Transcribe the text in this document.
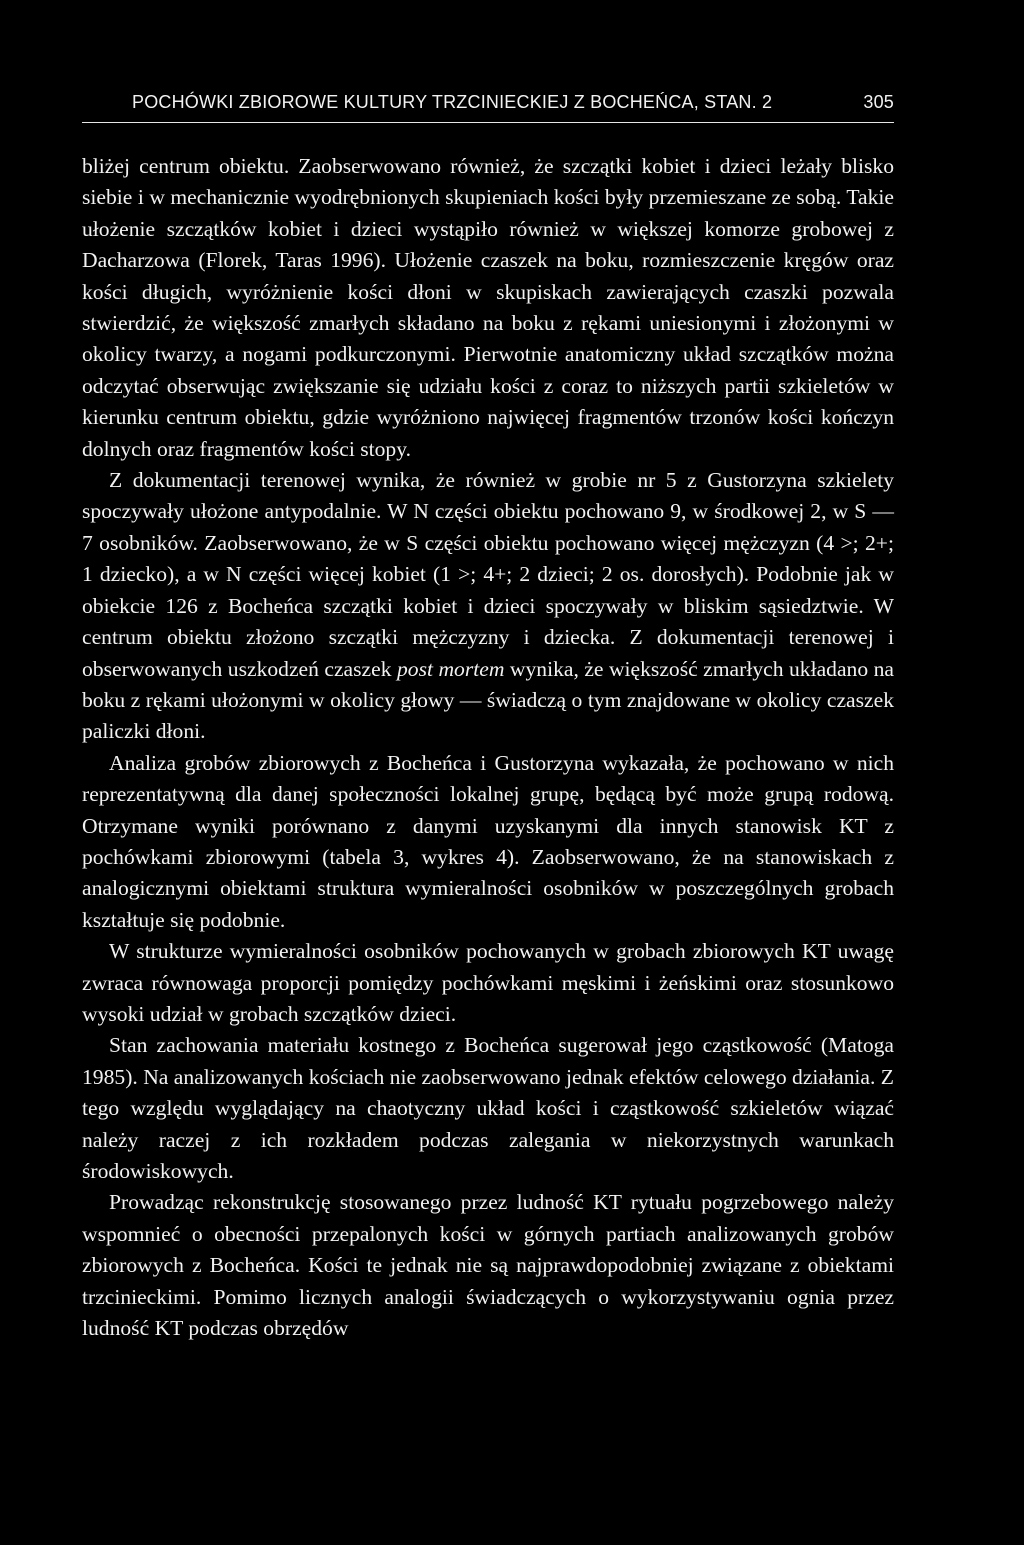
POCHÓWKI ZBIOROWE KULTURY TRZCINIECKIEJ Z BOCHEŃCA, STAN. 2	305

bliżej centrum obiektu. Zaobserwowano również, że szczątki kobiet i dzieci leżały blisko siebie i w mechanicznie wyodrębnionych skupieniach kości były przemieszane ze sobą. Takie ułożenie szczątków kobiet i dzieci wystąpiło również w większej komorze grobowej z Dacharzowa (Florek, Taras 1996). Ułożenie czaszek na boku, rozmieszczenie kręgów oraz kości długich, wyróżnienie kości dłoni w skupiskach zawierających czaszki pozwala stwierdzić, że większość zmarłych składano na boku z rękami uniesionymi i złożonymi w okolicy twarzy, a nogami podkurczonymi. Pierwotnie anatomiczny układ szczątków można odczytać obserwując zwiększanie się udziału kości z coraz to niższych partii szkieletów w kierunku centrum obiektu, gdzie wyróżniono najwięcej fragmentów trzonów kości kończyn dolnych oraz fragmentów kości stopy.

Z dokumentacji terenowej wynika, że również w grobie nr 5 z Gustorzyna szkielety spoczywały ułożone antypodalnie. W N części obiektu pochowano 9, w środkowej 2, w S — 7 osobników. Zaobserwowano, że w S części obiektu pochowano więcej mężczyzn (4 >; 2+; 1 dziecko), a w N części więcej kobiet (1 >; 4+; 2 dzieci; 2 os. dorosłych). Podobnie jak w obiekcie 126 z Bocheńca szczątki kobiet i dzieci spoczywały w bliskim sąsiedztwie. W centrum obiektu złożono szczątki mężczyzny i dziecka. Z dokumentacji terenowej i obserwowanych uszkodzeń czaszek post mortem wynika, że większość zmarłych układano na boku z rękami ułożonymi w okolicy głowy — świadczą o tym znajdowane w okolicy czaszek paliczki dłoni.

Analiza grobów zbiorowych z Bocheńca i Gustorzyna wykazała, że pochowano w nich reprezentatywną dla danej społeczności lokalnej grupę, będącą być może grupą rodową. Otrzymane wyniki porównano z danymi uzyskanymi dla innych stanowisk KT z pochówkami zbiorowymi (tabela 3, wykres 4). Zaobserwowano, że na stanowiskach z analogicznymi obiektami struktura wymieralności osobników w poszczególnych grobach kształtuje się podobnie.

W strukturze wymieralności osobników pochowanych w grobach zbiorowych KT uwagę zwraca równowaga proporcji pomiędzy pochówkami męskimi i żeńskimi oraz stosunkowo wysoki udział w grobach szczątków dzieci.

Stan zachowania materiału kostnego z Bocheńca sugerował jego cząstkowość (Matoga 1985). Na analizowanych kościach nie zaobserwowano jednak efektów celowego działania. Z tego względu wyglądający na chaotyczny układ kości i cząstkowość szkieletów wiązać należy raczej z ich rozkładem podczas zalegania w niekorzystnych warunkach środowiskowych.

Prowadząc rekonstrukcję stosowanego przez ludność KT rytuału pogrzebowego należy wspomnieć o obecności przepalonych kości w górnych partiach analizowanych grobów zbiorowych z Bocheńca. Kości te jednak nie są najprawdopodobniej związane z obiektami trzcinieckimi. Pomimo licznych analogii świadczących o wykorzystywaniu ognia przez ludność KT podczas obrzędów
